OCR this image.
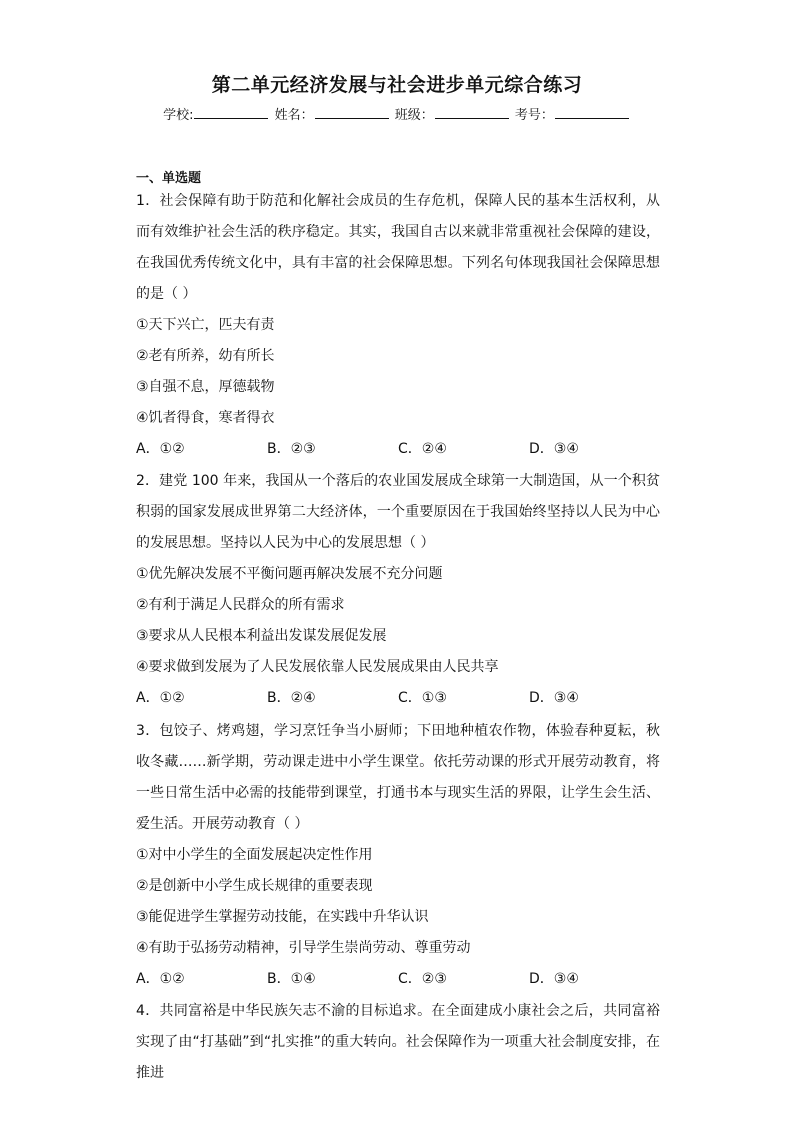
第二单元经济发展与社会进步单元综合练习
学校:	姓名：	班级：	考号：
一、单选题

1．社会保障有助于防范和化解社会成员的生存危机，保障人民的基本生活权利，从而有效维护社会生活的秩序稳定。其实，我国自古以来就非常重视社会保障的建设，在我国优秀传统文化中，具有丰富的社会保障思想。下列名句体现我国社会保障思想的是（ ）

①天下兴亡，匹夫有责

②老有所养，幼有所长

③自强不息，厚德载物

④饥者得食，寒者得衣

A．①②	B．②③	C．②④	D．③④

2．建党 100 年来，我国从一个落后的农业国发展成全球第一大制造国，从一个积贫积弱的国家发展成世界第二大经济体，一个重要原因在于我国始终坚持以人民为中心的发展思想。坚持以人民为中心的发展思想（ ）

①优先解决发展不平衡问题再解决发展不充分问题

②有利于满足人民群众的所有需求

③要求从人民根本利益出发谋发展促发展

④要求做到发展为了人民发展依靠人民发展成果由人民共享

A．①②	B．②④	C．①③	D．③④

3．包饺子、烤鸡翅，学习烹饪争当小厨师；下田地种植农作物，体验春种夏耘，秋收冬藏……新学期，劳动课走进中小学生课堂。依托劳动课的形式开展劳动教育，将一些日常生活中必需的技能带到课堂，打通书本与现实生活的界限，让学生会生活、爱生活。开展劳动教育（ ）

①对中小学生的全面发展起决定性作用

②是创新中小学生成长规律的重要表现

③能促进学生掌握劳动技能，在实践中升华认识

④有助于弘扬劳动精神，引导学生崇尚劳动、尊重劳动

A．①②	B．①④	C．②③	D．③④

4．共同富裕是中华民族矢志不渝的目标追求。在全面建成小康社会之后，共同富裕实现了由“打基础”到“扎实推”的重大转向。社会保障作为一项重大社会制度安排，在推进
